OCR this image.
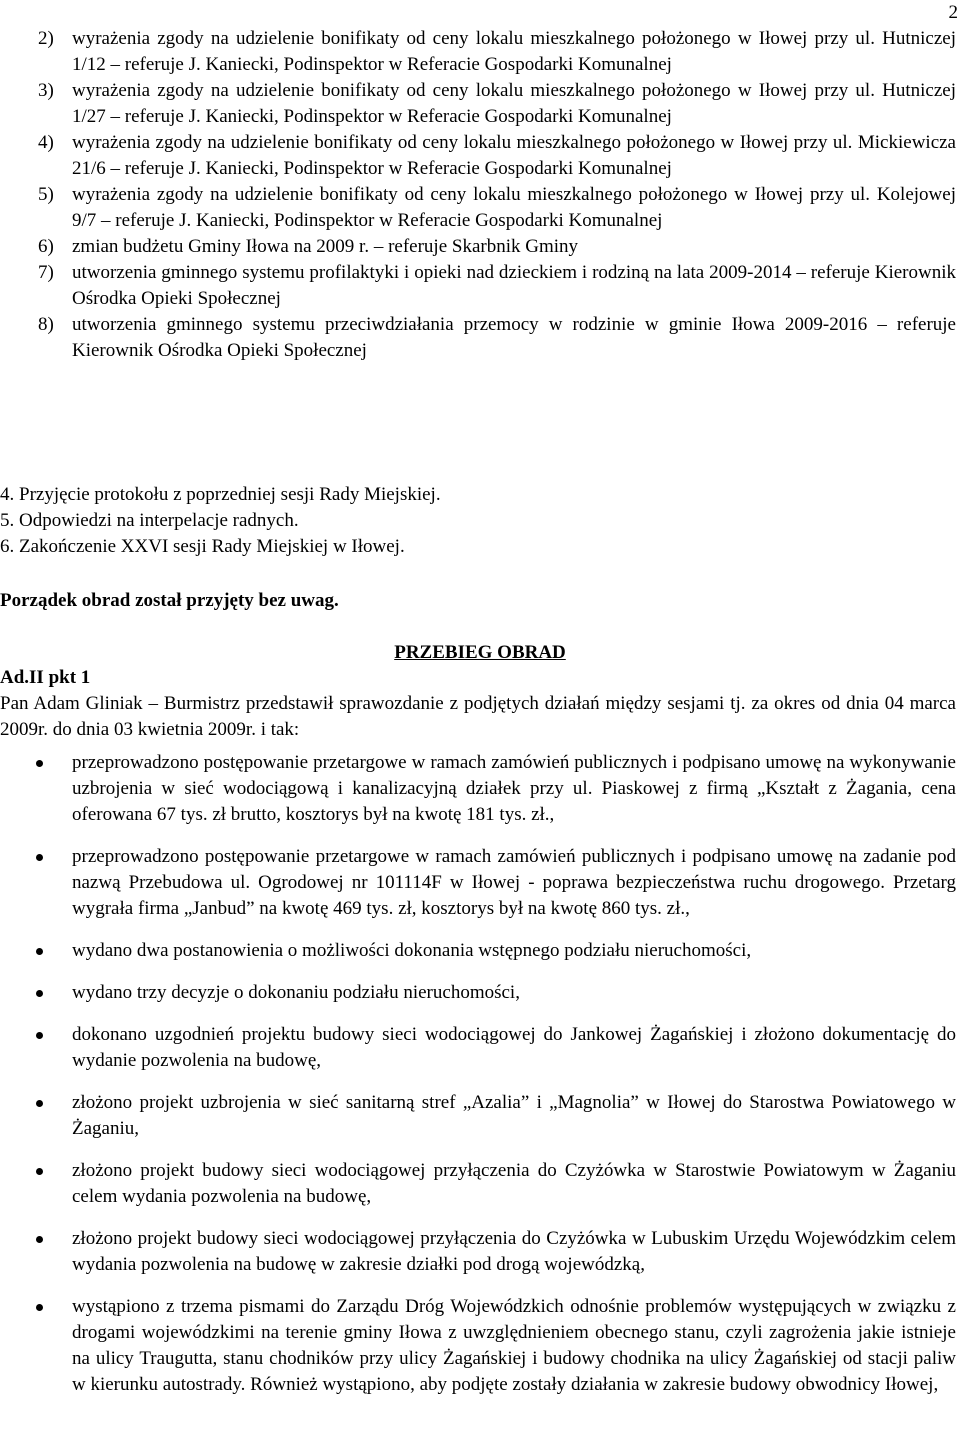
2
2) wyrażenia zgody na udzielenie bonifikaty od ceny lokalu mieszkalnego położonego w Iłowej przy ul. Hutniczej 1/12 – referuje J. Kaniecki, Podinspektor w Referacie Gospodarki Komunalnej
3) wyrażenia zgody na udzielenie bonifikaty od ceny lokalu mieszkalnego położonego w Iłowej przy ul. Hutniczej 1/27 – referuje J. Kaniecki, Podinspektor w Referacie Gospodarki Komunalnej
4) wyrażenia zgody na udzielenie bonifikaty od ceny lokalu mieszkalnego położonego w Iłowej przy ul. Mickiewicza 21/6 – referuje J. Kaniecki, Podinspektor w Referacie Gospodarki Komunalnej
5) wyrażenia zgody na udzielenie bonifikaty od ceny lokalu mieszkalnego położonego w Iłowej przy ul. Kolejowej 9/7 – referuje J. Kaniecki, Podinspektor w Referacie Gospodarki Komunalnej
6) zmian budżetu Gminy Iłowa na 2009 r. – referuje Skarbnik Gminy
7) utworzenia gminnego systemu profilaktyki i opieki nad dzieckiem i rodziną na lata 2009-2014 – referuje Kierownik Ośrodka Opieki Społecznej
8) utworzenia gminnego systemu przeciwdziałania przemocy w rodzinie w gminie Iłowa 2009-2016 – referuje Kierownik Ośrodka Opieki Społecznej
4. Przyjęcie protokołu z poprzedniej sesji Rady Miejskiej.
5. Odpowiedzi na interpelacje radnych.
6. Zakończenie XXVI sesji Rady Miejskiej w Iłowej.
Porządek obrad został przyjęty bez uwag.
PRZEBIEG OBRAD
Ad.II pkt 1
Pan Adam Gliniak – Burmistrz przedstawił sprawozdanie z podjętych działań między sesjami tj. za okres od dnia 04 marca 2009r. do dnia 03 kwietnia 2009r. i tak:
przeprowadzono postępowanie przetargowe w ramach zamówień publicznych i podpisano umowę na wykonywanie uzbrojenia w sieć wodociągową i kanalizacyjną działek przy ul. Piaskowej z firmą „Kształt z Żagania, cena oferowana 67 tys. zł brutto, kosztorys był na kwotę 181 tys. zł.,
przeprowadzono postępowanie przetargowe w ramach zamówień publicznych i podpisano umowę na zadanie pod nazwą Przebudowa ul. Ogrodowej nr 101114F w Iłowej - poprawa bezpieczeństwa ruchu drogowego. Przetarg wygrała firma „Janbud” na kwotę 469 tys. zł, kosztorys był na kwotę 860 tys. zł.,
wydano dwa postanowienia o możliwości dokonania wstępnego podziału nieruchomości,
wydano trzy decyzje o dokonaniu podziału nieruchomości,
dokonano uzgodnień projektu budowy sieci wodociągowej do Jankowej Żagańskiej i złożono dokumentację do wydanie pozwolenia na budowę,
złożono projekt uzbrojenia w sieć sanitarną stref „Azalia” i „Magnolia” w Iłowej do Starostwa Powiatowego w Żaganiu,
złożono projekt budowy sieci wodociągowej przyłączenia do Czyżówka w Starostwie Powiatowym w Żaganiu celem wydania pozwolenia na budowę,
złożono projekt budowy sieci wodociągowej przyłączenia do Czyżówka w Lubuskim Urzędu Wojewódzkim celem wydania pozwolenia na budowę w zakresie działki pod drogą wojewódzką,
wystąpiono z trzema pismami do Zarządu Dróg Wojewódzkich odnośnie problemów występujących w związku z drogami wojewódzkimi na terenie gminy Iłowa z uwzględnieniem obecnego stanu, czyli zagrożenia jakie istnieje na ulicy Traugutta, stanu chodników przy ulicy Żagańskiej i budowy chodnika na ulicy Żagańskiej od stacji paliw w kierunku autostrady. Również wystąpiono, aby podjęte zostały działania w zakresie budowy obwodnicy Iłowej,
